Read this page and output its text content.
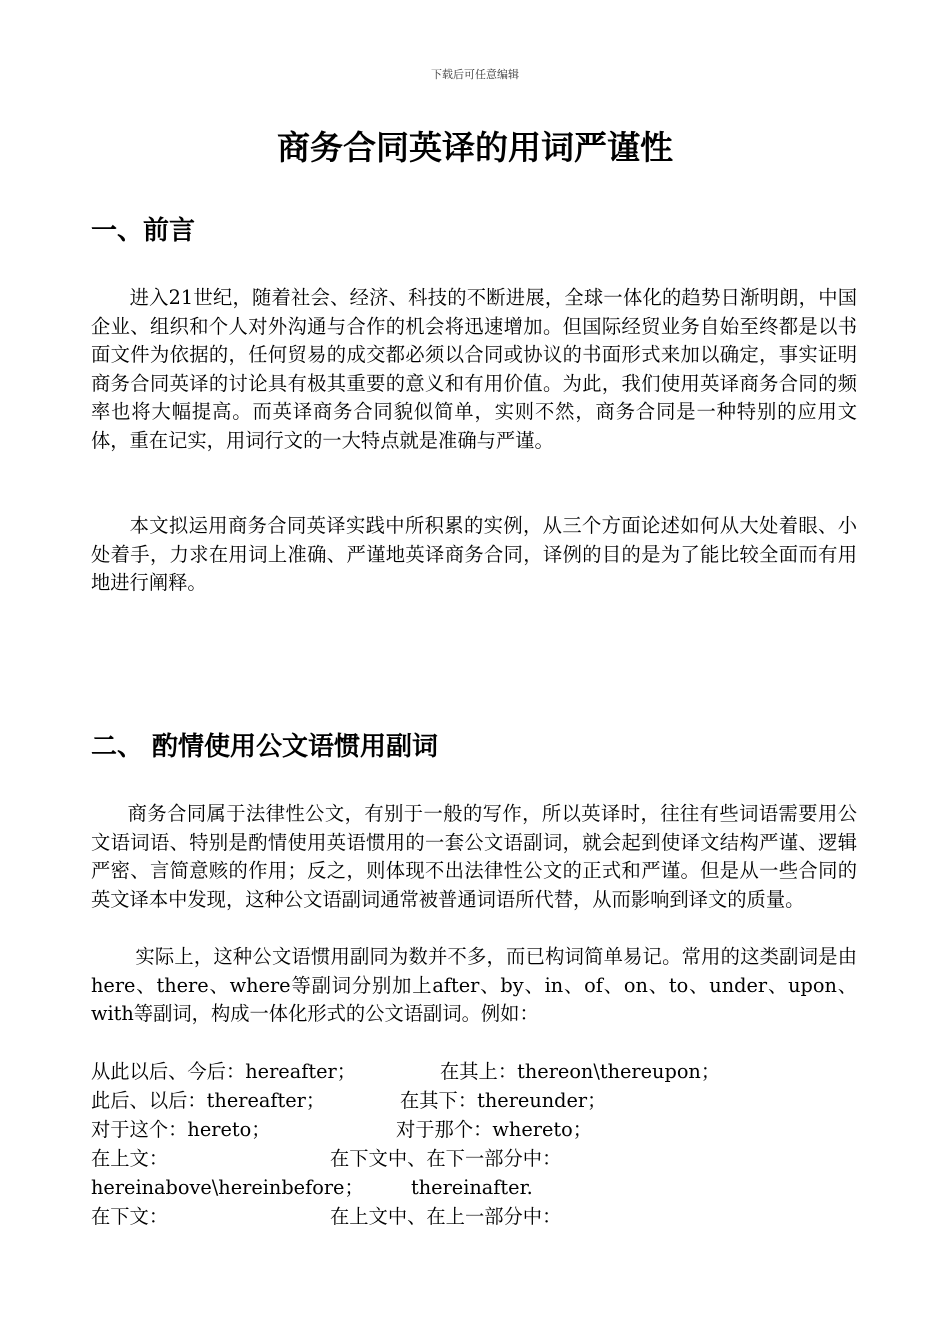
下载后可任意编辑
商务合同英译的用词严谨性
一、前言

进入21世纪，随着社会、经济、科技的不断进展，全球一体化的趋势日渐明朗，中国企业、组织和个人对外沟通与合作的机会将迅速增加。但国际经贸业务自始至终都是以书面文件为依据的，任何贸易的成交都必须以合同或协议的书面形式来加以确定，事实证明商务合同英译的讨论具有极其重要的意义和有用价值。为此，我们使用英译商务合同的频率也将大幅提高。而英译商务合同貌似简单，实则不然，商务合同是一种特别的应用文体，重在记实，用词行文的一大特点就是准确与严谨。

本文拟运用商务合同英译实践中所积累的实例，从三个方面论述如何从大处着眼、小处着手，力求在用词上准确、严谨地英译商务合同，译例的目的是为了能比较全面而有用地进行阐释。

二、 酌情使用公文语惯用副词

商务合同属于法律性公文，有别于一般的写作，所以英译时，往往有些词语需要用公文语词语、特别是酌情使用英语惯用的一套公文语副词，就会起到使译文结构严谨、逻辑严密、言简意赅的作用；反之，则体现不出法律性公文的正式和严谨。但是从一些合同的英文译本中发现，这种公文语副词通常被普通词语所代替，从而影响到译文的质量。

实际上，这种公文语惯用副同为数并不多，而已构词简单易记。常用的这类副词是由here、there、where等副词分别加上after、by、in、of、on、to、under、upon、with等副词，构成一体化形式的公文语副词。例如：

从此以后、今后：hereafter；	在其上：thereon\thereupon；
此后、以后：thereafter；	在其下：thereunder；
对于这个：hereto；	对于那个：whereto；
在上文：	在下文中、在下一部分中：
hereinabove\hereinbefore； thereinafter.
在下文：	在上文中、在上一部分中：
